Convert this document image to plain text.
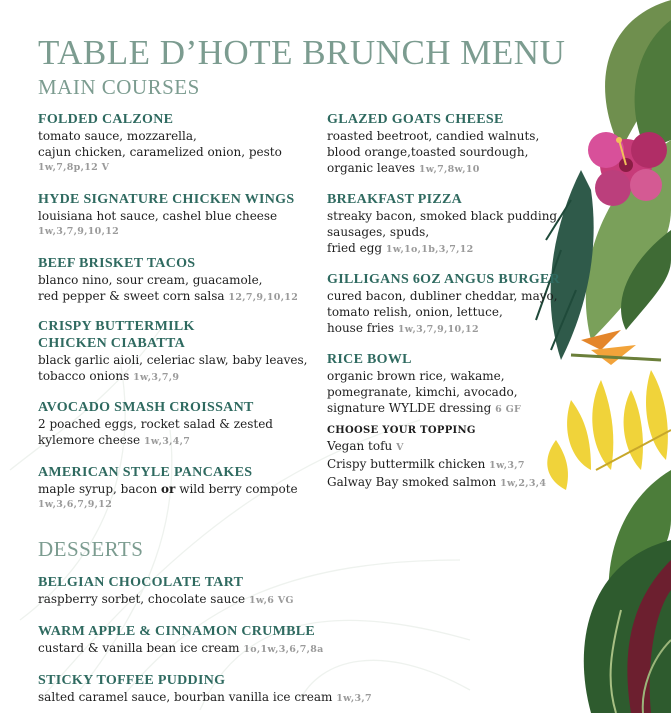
TABLE D’HOTE BRUNCH MENU
MAIN COURSES
FOLDED CALZONE
tomato sauce, mozzarella,
cajun chicken, caramelized onion, pesto
1w,7,8p,12 V
HYDE SIGNATURE CHICKEN WINGS
louisiana hot sauce, cashel blue cheese
1w,3,7,9,10,12
BEEF BRISKET TACOS
blanco nino, sour cream, guacamole,
red pepper & sweet corn salsa 12,7,9,10,12
CRISPY BUTTERMILK
CHICKEN CIABATTA
black garlic aioli, celeriac slaw, baby leaves,
tobacco onions 1w,3,7,9
AVOCADO SMASH CROISSANT
2 poached eggs, rocket salad & zested
kylemore cheese 1w,3,4,7
AMERICAN STYLE PANCAKES
maple syrup, bacon or wild berry compote
1w,3,6,7,9,12
GLAZED GOATS CHEESE
roasted beetroot, candied walnuts,
blood orange,toasted sourdough,
organic leaves 1w,7,8w,10
BREAKFAST PIZZA
streaky bacon, smoked black pudding,
sausages, spuds,
fried egg 1w,1o,1b,3,7,12
GILLIGANS 6OZ ANGUS BURGER
cured bacon, dubliner cheddar, mayo,
tomato relish, onion, lettuce,
house fries 1w,3,7,9,10,12
RICE BOWL
organic brown rice, wakame,
pomegranate, kimchi, avocado,
signature WYLDE dressing 6 GF
CHOOSE YOUR TOPPING
Vegan tofu V
Crispy buttermilk chicken 1w,3,7
Galway Bay smoked salmon 1w,2,3,4
DESSERTS
BELGIAN CHOCOLATE TART
raspberry sorbet, chocolate sauce 1w,6 VG
WARM APPLE & CINNAMON CRUMBLE
custard & vanilla bean ice cream 1o,1w,3,6,7,8a
STICKY TOFFEE PUDDING
salted caramel sauce, bourban vanilla ice cream 1w,3,7
